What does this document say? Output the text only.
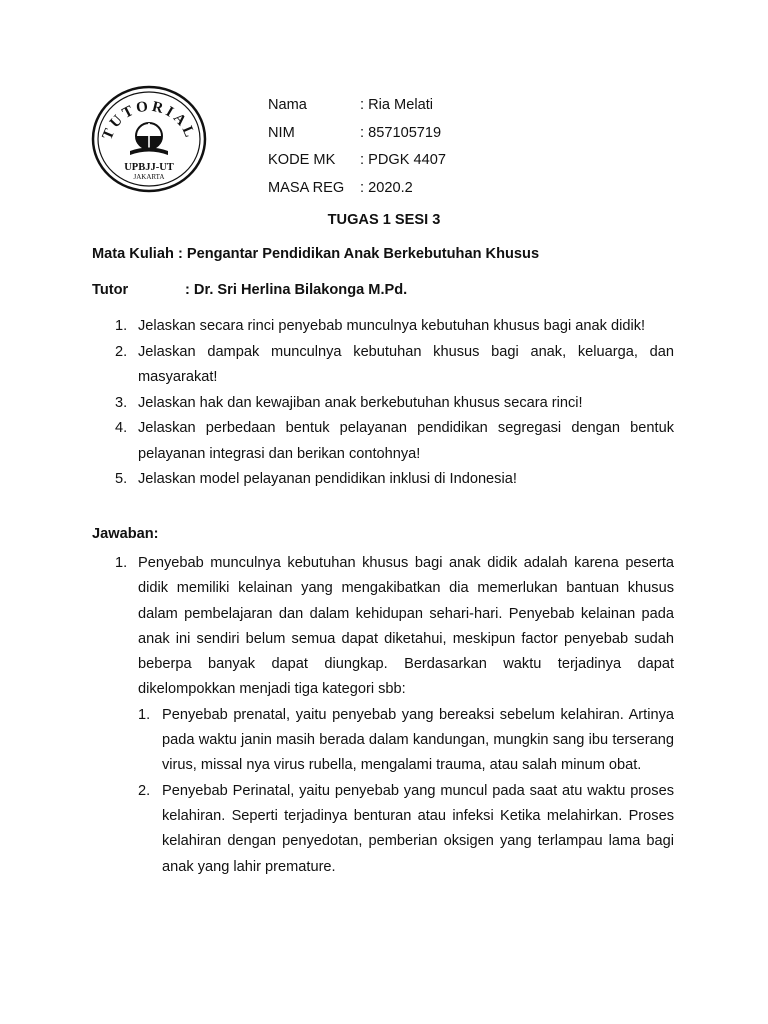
TUTORIAL
UPBJJ-UT
JAKARTA
Nama	: Ria Melati
NIM	: 857105719
KODE MK : PDGK 4407
MASA REG : 2020.2
TUGAS 1 SESI 3
Mata Kuliah : Pengantar Pendidikan Anak Berkebutuhan Khusus
Tutor	: Dr. Sri Herlina Bilakonga M.Pd.
1. Jelaskan secara rinci penyebab munculnya kebutuhan khusus bagi anak didik!
2. Jelaskan dampak munculnya kebutuhan khusus bagi anak, keluarga, dan masyarakat!
3. Jelaskan hak dan kewajiban anak berkebutuhan khusus secara rinci!
4. Jelaskan perbedaan bentuk pelayanan pendidikan segregasi dengan bentuk pelayanan integrasi dan berikan contohnya!
5. Jelaskan model pelayanan pendidikan inklusi di Indonesia!
Jawaban:
1. Penyebab munculnya kebutuhan khusus bagi anak didik adalah karena peserta didik memiliki kelainan yang mengakibatkan dia memerlukan bantuan khusus dalam pembelajaran dan dalam kehidupan sehari-hari. Penyebab kelainan pada anak ini sendiri belum semua dapat diketahui, meskipun factor penyebab sudah beberpa banyak dapat diungkap. Berdasarkan waktu terjadinya dapat dikelompokkan menjadi tiga kategori sbb:
1. Penyebab prenatal, yaitu penyebab yang bereaksi sebelum kelahiran. Artinya pada waktu janin masih berada dalam kandungan, mungkin sang ibu terserang virus, missal nya virus rubella, mengalami trauma, atau salah minum obat.
2. Penyebab Perinatal, yaitu penyebab yang muncul pada saat atu waktu proses kelahiran. Seperti terjadinya benturan atau infeksi Ketika melahirkan. Proses kelahiran dengan penyedotan, pemberian oksigen yang terlampau lama bagi anak yang lahir premature.
